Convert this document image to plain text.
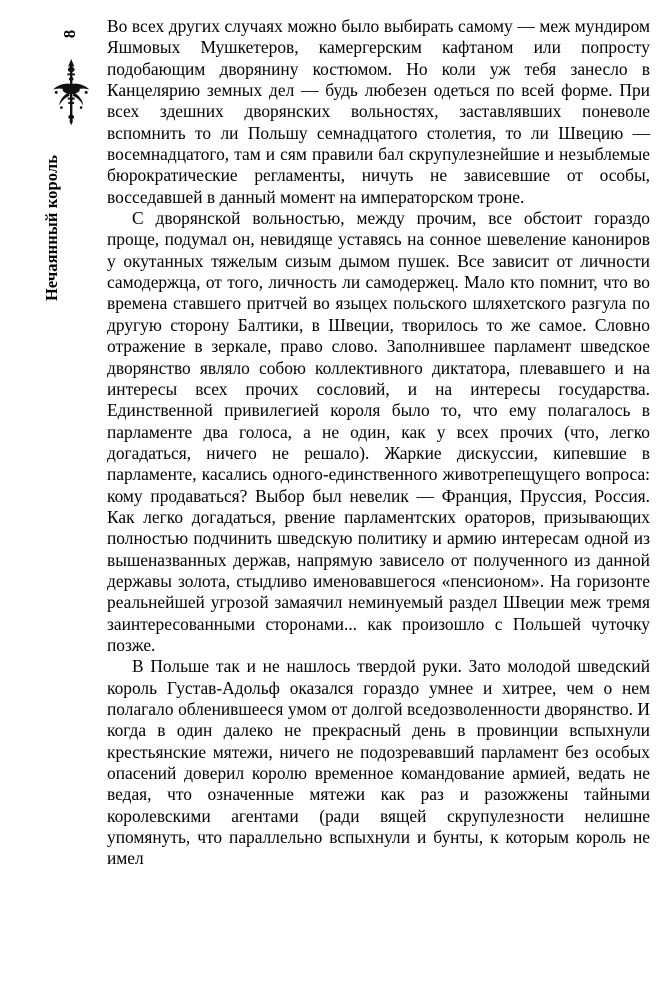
8
Нечаянный король

Во всех других случаях можно было выбирать самому — меж мундиром Яшмовых Мушкетеров, камергерским кафтаном или попросту подобающим дворянину костюмом. Но коли уж тебя занесло в Канцелярию земных дел — будь любезен одеться по всей форме. При всех здешних дворянских вольностях, заставлявших поневоле вспомнить то ли Польшу семнадцатого столетия, то ли Швецию — восемнадцатого, там и сям правили бал скрупулезнейшие и незыблемые бюрократические регламенты, ничуть не зависевшие от особы, восседавшей в данный момент на императорском троне.

С дворянской вольностью, между прочим, все обстоит гораздо проще, подумал он, невидяще уставясь на сонное шевеление канониров у окутанных тяжелым сизым дымом пушек. Все зависит от личности самодержца, от того, личность ли самодержец. Мало кто помнит, что во времена ставшего притчей во языцех польского шляхетского разгула по другую сторону Балтики, в Швеции, творилось то же самое. Словно отражение в зеркале, право слово. Заполнившее парламент шведское дворянство являло собою коллективного диктатора, плевавшего и на интересы всех прочих сословий, и на интересы государства. Единственной привилегией короля было то, что ему полагалось в парламенте два голоса, а не один, как у всех прочих (что, легко догадаться, ничего не решало). Жаркие дискуссии, кипевшие в парламенте, касались одного-единственного животрепещущего вопроса: кому продаваться? Выбор был невелик — Франция, Пруссия, Россия. Как легко догадаться, рвение парламентских ораторов, призывающих полностью подчинить шведскую политику и армию интересам одной из вышеназванных держав, напрямую зависело от полученного из данной державы золота, стыдливо именовавшегося «пенсионом». На горизонте реальнейшей угрозой замаячил неминуемый раздел Швеции меж тремя заинтересованными сторонами... как произошло с Польшей чуточку позже.

В Польше так и не нашлось твердой руки. Зато молодой шведский король Густав-Адольф оказался гораздо умнее и хитрее, чем о нем полагало обленившееся умом от долгой вседозволенности дворянство. И когда в один далеко не прекрасный день в провинции вспыхнули крестьянские мятежи, ничего не подозревавший парламент без особых опасений доверил королю временное командование армией, ведать не ведая, что означенные мятежи как раз и разожжены тайными королевскими агентами (ради вящей скрупулезности нелишне упомянуть, что параллельно вспыхнули и бунты, к которым король не имел
